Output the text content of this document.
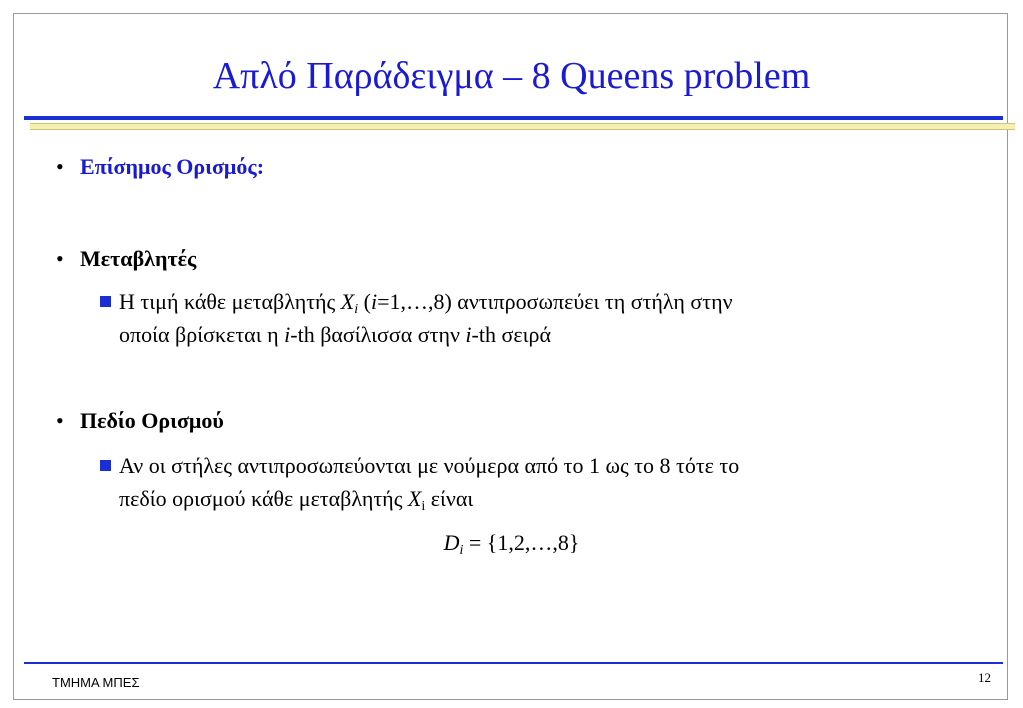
Απλό Παράδειγμα – 8 Queens problem
• Επίσημος Ορισμός:
• Μεταβλητές
Η τιμή κάθε μεταβλητής $X_i$ (i=1,…,8) αντιπροσωπεύει τη στήλη στην
οποία βρίσκεται η i-th βασίλισσα στην i-th σειρά
• Πεδίο Ορισμού
Αν οι στήλες αντιπροσωπεύονται με νούμερα από το 1 ως το 8 τότε το
πεδίο ορισμού κάθε μεταβλητής $X_i$ είναι
$D_i$ = {1,2,…,8}
ΤΜΗΜΑ ΜΠΕΣ	12
